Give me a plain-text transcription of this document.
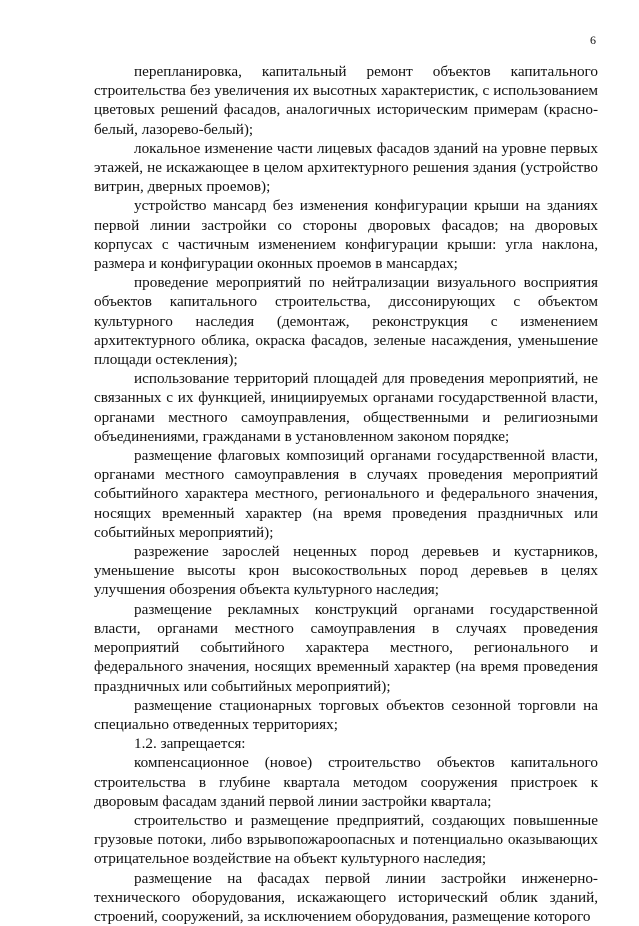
6

перепланировка, капитальный ремонт объектов капитального строительства без увеличения их высотных характеристик, с использованием цветовых решений фасадов, аналогичных историческим примерам (красно-белый, лазорево-белый);

локальное изменение части лицевых фасадов зданий на уровне первых этажей, не искажающее в целом архитектурного решения здания (устройство витрин, дверных проемов);

устройство мансард без изменения конфигурации крыши на зданиях первой линии застройки со стороны дворовых фасадов; на дворовых корпусах с частичным изменением конфигурации крыши: угла наклона, размера и конфигурации оконных проемов в мансардах;

проведение мероприятий по нейтрализации визуального восприятия объектов капитального строительства, диссонирующих с объектом культурного наследия (демонтаж, реконструкция с изменением архитектурного облика, окраска фасадов, зеленые насаждения, уменьшение площади остекления);

использование территорий площадей для проведения мероприятий, не связанных с их функцией, инициируемых органами государственной власти, органами местного самоуправления, общественными и религиозными объединениями, гражданами в установленном законом порядке;

размещение флаговых композиций органами государственной власти, органами местного самоуправления в случаях проведения мероприятий событийного характера местного, регионального и федерального значения, носящих временный характер (на время проведения праздничных или событийных мероприятий);

разрежение зарослей неценных пород деревьев и кустарников, уменьшение высоты крон высокоствольных пород деревьев в целях улучшения обозрения объекта культурного наследия;

размещение рекламных конструкций органами государственной власти, органами местного самоуправления в случаях проведения мероприятий событийного характера местного, регионального и федерального значения, носящих временный характер (на время проведения праздничных или событийных мероприятий);

размещение стационарных торговых объектов сезонной торговли на специально отведенных территориях;

1.2. запрещается:

компенсационное (новое) строительство объектов капитального строительства в глубине квартала методом сооружения пристроек к дворовым фасадам зданий первой линии застройки квартала;

строительство и размещение предприятий, создающих повышенные грузовые потоки, либо взрывопожароопасных и потенциально оказывающих отрицательное воздействие на объект культурного наследия;

размещение на фасадах первой линии застройки инженерно-технического оборудования, искажающего исторический облик зданий, строений, сооружений, за исключением оборудования, размещение которого
